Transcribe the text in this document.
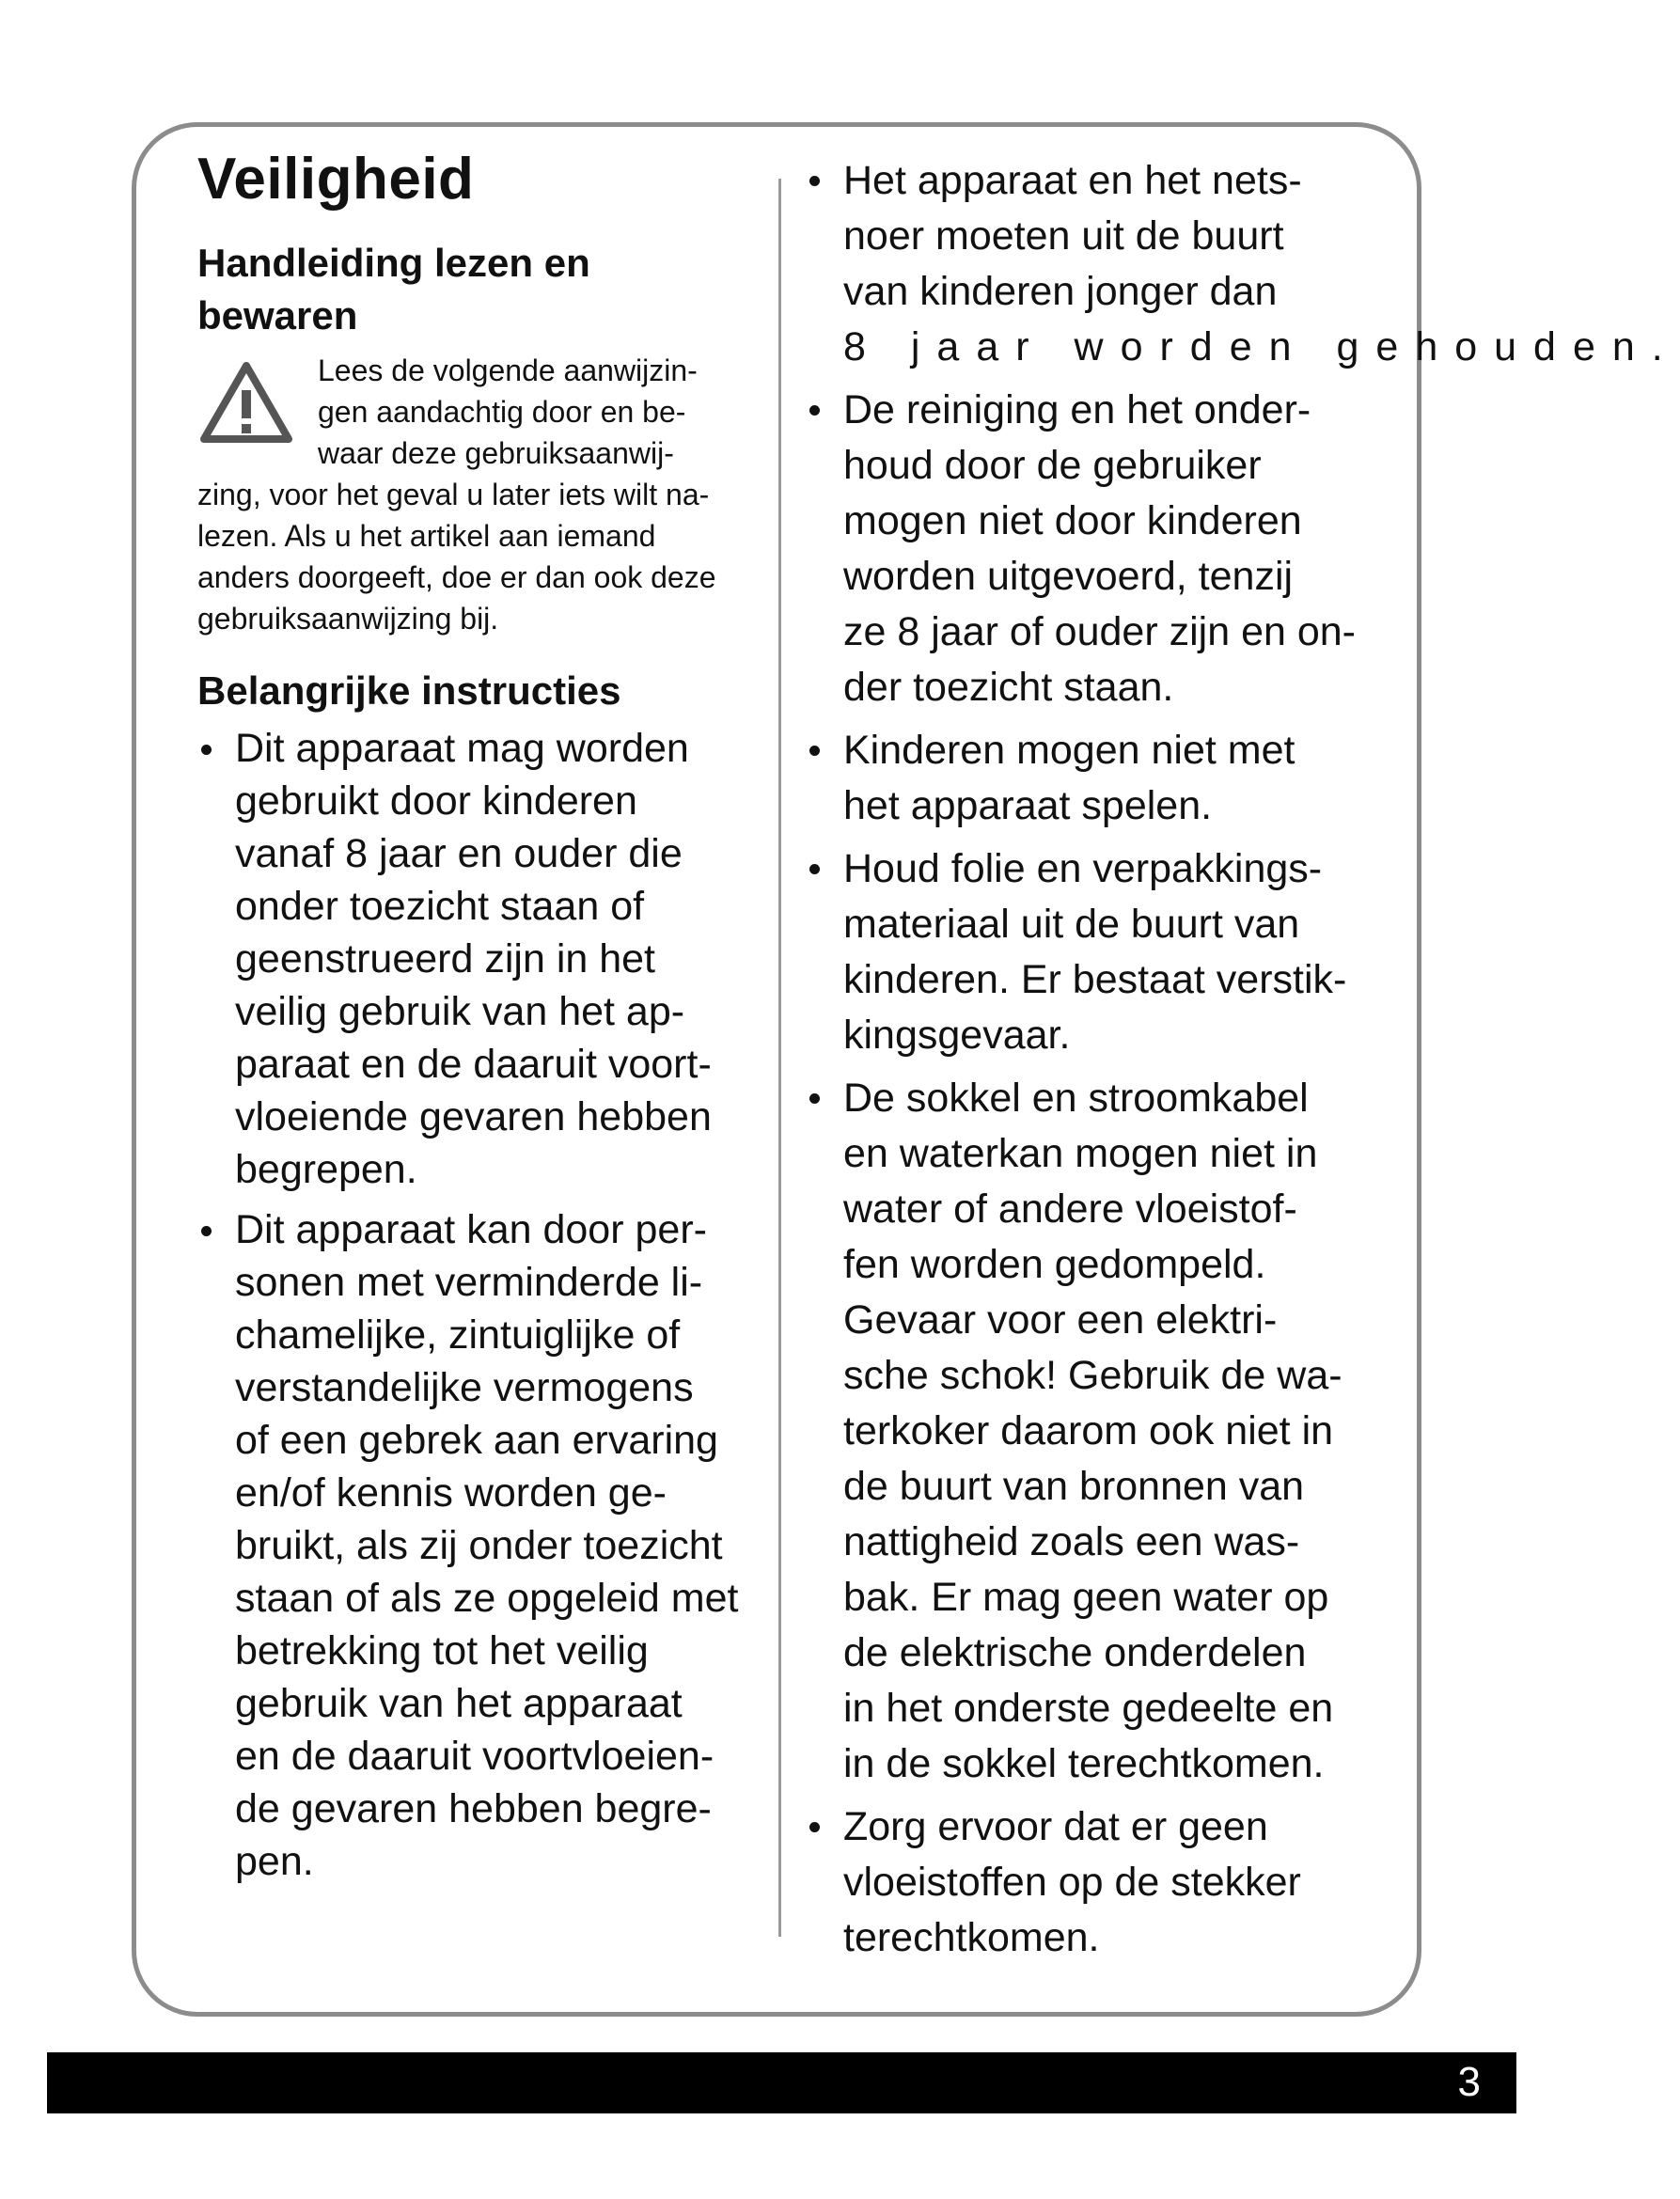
Veiligheid
Handleiding lezen en
bewaren
Lees de volgende aanwijzin-
gen aandachtig door en be-
waar deze gebruiksaanwij-
zing, voor het geval u later iets wilt na-
lezen. Als u het artikel aan iemand
anders doorgeeft, doe er dan ook deze
gebruiksaanwijzing bij.
Belangrijke instructies
Dit apparaat mag worden
gebruikt door kinderen
vanaf 8 jaar en ouder die
onder toezicht staan of
geenstrueerd zijn in het
veilig gebruik van het ap-
paraat en de daaruit voort-
vloeiende gevaren hebben
begrepen.
Dit apparaat kan door per-
sonen met verminderde li-
chamelijke, zintuiglijke of
verstandelijke vermogens
of een gebrek aan ervaring
en/of kennis worden ge-
bruikt, als zij onder toezicht
staan of als ze opgeleid met
betrekking tot het veilig
gebruik van het apparaat
en de daaruit voortvloeien-
de gevaren hebben begre-
pen.
Het apparaat en het nets-
noer moeten uit de buurt
van kinderen jonger dan
8 jaar worden gehouden.
De reiniging en het onder-
houd door de gebruiker
mogen niet door kinderen
worden uitgevoerd, tenzij
ze 8 jaar of ouder zijn en on-
der toezicht staan.
Kinderen mogen niet met
het apparaat spelen.
Houd folie en verpakkings-
materiaal uit de buurt van
kinderen. Er bestaat verstik-
kingsgevaar.
De sokkel en stroomkabel
en waterkan mogen niet in
water of andere vloeistof-
fen worden gedompeld.
Gevaar voor een elektri-
sche schok! Gebruik de wa-
terkoker daarom ook niet in
de buurt van bronnen van
nattigheid zoals een was-
bak. Er mag geen water op
de elektrische onderdelen
in het onderste gedeelte en
in de sokkel terechtkomen.
Zorg ervoor dat er geen
vloeistoffen op de stekker
terechtkomen.
3
